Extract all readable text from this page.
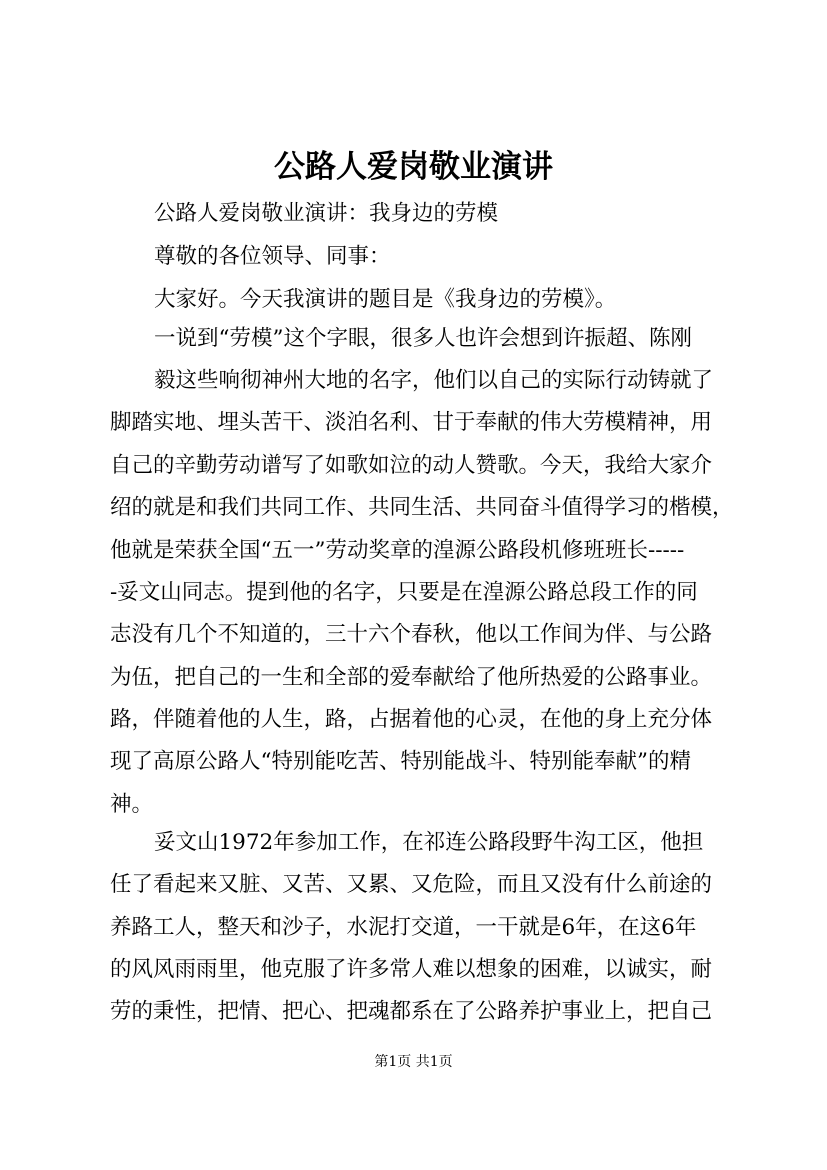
公路人爱岗敬业演讲

公路人爱岗敬业演讲：我身边的劳模

尊敬的各位领导、同事：

大家好。今天我演讲的题目是《我身边的劳模》。

一说到“劳模”这个字眼，很多人也许会想到许振超、陈刚

毅这些响彻神州大地的名字，他们以自己的实际行动铸就了

脚踏实地、埋头苦干、淡泊名利、甘于奉献的伟大劳模精神，用

自己的辛勤劳动谱写了如歌如泣的动人赞歌。今天，我给大家介

绍的就是和我们共同工作、共同生活、共同奋斗值得学习的楷模，

他就是荣获全国“五一”劳动奖章的湟源公路段机修班班长-----

-妥文山同志。提到他的名字，只要是在湟源公路总段工作的同

志没有几个不知道的，三十六个春秋，他以工作间为伴、与公路

为伍，把自己的一生和全部的爱奉献给了他所热爱的公路事业。

路，伴随着他的人生，路，占据着他的心灵，在他的身上充分体

现了高原公路人“特别能吃苦、特别能战斗、特别能奉献”的精

神。

妥文山1972年参加工作，在祁连公路段野牛沟工区，他担

任了看起来又脏、又苦、又累、又危险，而且又没有什么前途的

养路工人，整天和沙子，水泥打交道，一干就是6年，在这6年

的风风雨雨里，他克服了许多常人难以想象的困难，以诚实，耐

劳的秉性，把情、把心、把魂都系在了公路养护事业上，把自己

第1页 共1页
